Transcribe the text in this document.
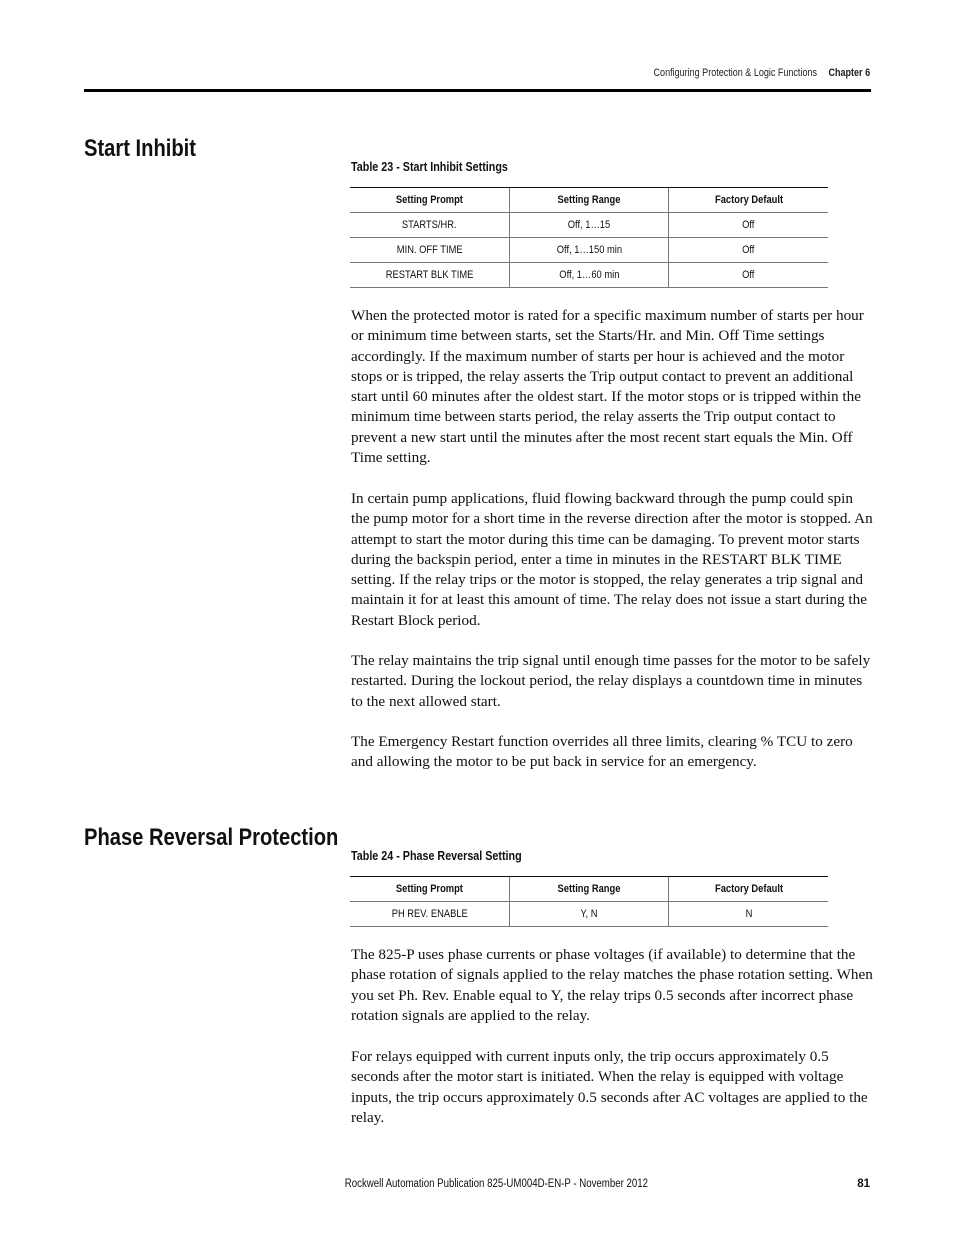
Configuring Protection & Logic Functions Chapter 6
Start Inhibit
Table 23 - Start Inhibit Settings
Setting Prompt	Setting Range	Factory Default
STARTS/HR.	Off, 1…15	Off
MIN. OFF TIME	Off, 1…150 min	Off
RESTART BLK TIME	Off, 1…60 min	Off

When the protected motor is rated for a specific maximum number of starts per hour or minimum time between starts, set the Starts/Hr. and Min. Off Time settings accordingly. If the maximum number of starts per hour is achieved and the motor stops or is tripped, the relay asserts the Trip output contact to prevent an additional start until 60 minutes after the oldest start. If the motor stops or is tripped within the minimum time between starts period, the relay asserts the Trip output contact to prevent a new start until the minutes after the most recent start equals the Min. Off Time setting.

In certain pump applications, fluid flowing backward through the pump could spin the pump motor for a short time in the reverse direction after the motor is stopped. An attempt to start the motor during this time can be damaging. To prevent motor starts during the backspin period, enter a time in minutes in the RESTART BLK TIME setting. If the relay trips or the motor is stopped, the relay generates a trip signal and maintain it for at least this amount of time. The relay does not issue a start during the Restart Block period.

The relay maintains the trip signal until enough time passes for the motor to be safely restarted. During the lockout period, the relay displays a countdown time in minutes to the next allowed start.

The Emergency Restart function overrides all three limits, clearing % TCU to zero and allowing the motor to be put back in service for an emergency.

Phase Reversal Protection
Table 24 - Phase Reversal Setting
Setting Prompt	Setting Range	Factory Default
PH REV. ENABLE	Y, N	N

The 825-P uses phase currents or phase voltages (if available) to determine that the phase rotation of signals applied to the relay matches the phase rotation setting. When you set Ph. Rev. Enable equal to Y, the relay trips 0.5 seconds after incorrect phase rotation signals are applied to the relay.

For relays equipped with current inputs only, the trip occurs approximately 0.5 seconds after the motor start is initiated. When the relay is equipped with voltage inputs, the trip occurs approximately 0.5 seconds after AC voltages are applied to the relay.

Rockwell Automation Publication 825-UM004D-EN-P - November 2012	81
